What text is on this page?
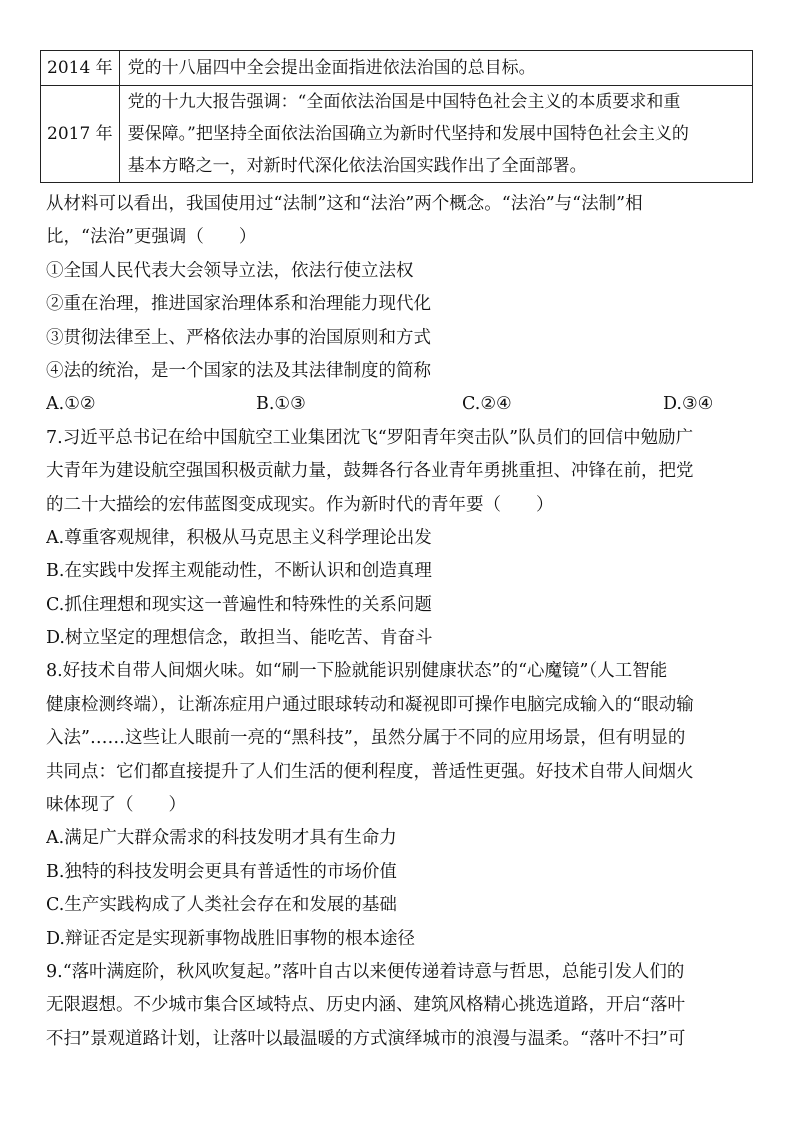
2014 年	党的十八届四中全会提出金面指进依法治国的总目标。

2017 年	党的十九大报告强调：“全面依法治国是中国特色社会主义的本质要求和重
要保障。”把坚持全面依法治国确立为新时代坚持和发展中国特色社会主义的
基本方略之一，对新时代深化依法治国实践作出了全面部署。
从材料可以看出，我国使用过“法制”这和“法治”两个概念。“法治”与“法制”相
比，“法治”更强调（　　）
①全国人民代表大会领导立法，依法行使立法权
②重在治理，推进国家治理体系和治理能力现代化
③贯彻法律至上、严格依法办事的治国原则和方式
④法的统治，是一个国家的法及其法律制度的简称
A.①②	B.①③	C.②④	D.③④
7.习近平总书记在给中国航空工业集团沈飞“罗阳青年突击队”队员们的回信中勉励广
大青年为建设航空强国积极贡献力量，鼓舞各行各业青年勇挑重担、冲锋在前，把党
的二十大描绘的宏伟蓝图变成现实。作为新时代的青年要（　　）
A.尊重客观规律，积极从马克思主义科学理论出发
B.在实践中发挥主观能动性，不断认识和创造真理
C.抓住理想和现实这一普遍性和特殊性的关系问题
D.树立坚定的理想信念，敢担当、能吃苦、肯奋斗
8.好技术自带人间烟火味。如“刷一下脸就能识别健康状态”的“心魔镜”（人工智能
健康检测终端），让渐冻症用户通过眼球转动和凝视即可操作电脑完成输入的“眼动输
入法”……这些让人眼前一亮的“黑科技”，虽然分属于不同的应用场景，但有明显的
共同点：它们都直接提升了人们生活的便利程度，普适性更强。好技术自带人间烟火
味体现了（　　）
A.满足广大群众需求的科技发明才具有生命力
B.独特的科技发明会更具有普适性的市场价值
C.生产实践构成了人类社会存在和发展的基础
D.辩证否定是实现新事物战胜旧事物的根本途径
9.“落叶满庭阶，秋风吹复起。”落叶自古以来便传递着诗意与哲思，总能引发人们的
无限遐想。不少城市集合区域特点、历史内涵、建筑风格精心挑选道路，开启“落叶
不扫”景观道路计划，让落叶以最温暖的方式演绎城市的浪漫与温柔。“落叶不扫”可
